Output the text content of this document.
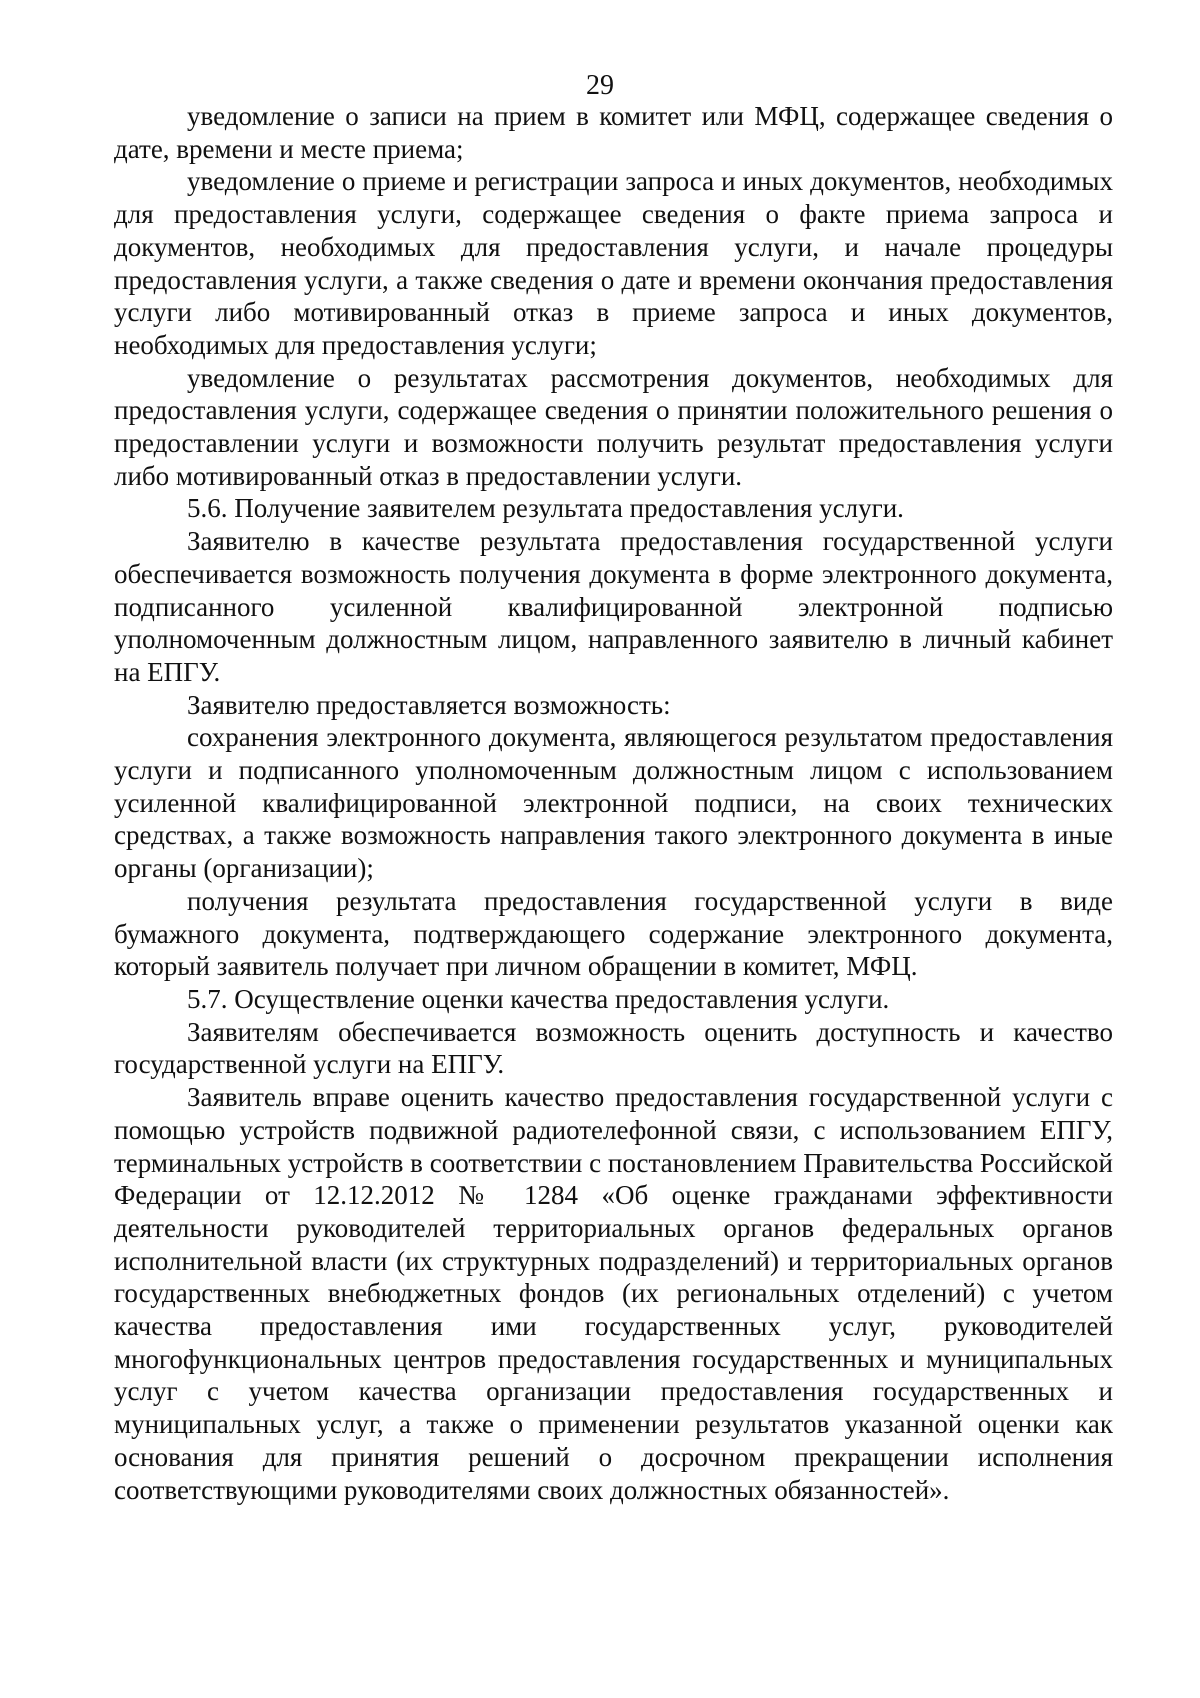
29

уведомление о записи на прием в комитет или МФЦ, содержащее сведения о дате, времени и месте приема;

уведомление о приеме и регистрации запроса и иных документов, необходимых для предоставления услуги, содержащее сведения о факте приема запроса и документов, необходимых для предоставления услуги, и начале процедуры предоставления услуги, а также сведения о дате и времени окончания предоставления услуги либо мотивированный отказ в приеме запроса и иных документов, необходимых для предоставления услуги;

уведомление о результатах рассмотрения документов, необходимых для предоставления услуги, содержащее сведения о принятии положительного решения о предоставлении услуги и возможности получить результат предоставления услуги либо мотивированный отказ в предоставлении услуги.

5.6. Получение заявителем результата предоставления услуги.

Заявителю в качестве результата предоставления государственной услуги обеспечивается возможность получения документа в форме электронного документа, подписанного усиленной квалифицированной электронной подписью уполномоченным должностным лицом, направленного заявителю в личный кабинет на ЕПГУ.

Заявителю предоставляется возможность:

сохранения электронного документа, являющегося результатом предоставления услуги и подписанного уполномоченным должностным лицом с использованием усиленной квалифицированной электронной подписи, на своих технических средствах, а также возможность направления такого электронного документа в иные органы (организации);

получения результата предоставления государственной услуги в виде бумажного документа, подтверждающего содержание электронного документа, который заявитель получает при личном обращении в комитет, МФЦ.

5.7. Осуществление оценки качества предоставления услуги.

Заявителям обеспечивается возможность оценить доступность и качество государственной услуги на ЕПГУ.

Заявитель вправе оценить качество предоставления государственной услуги с помощью устройств подвижной радиотелефонной связи, с использованием ЕПГУ, терминальных устройств в соответствии с постановлением Правительства Российской Федерации от 12.12.2012 № 1284 «Об оценке гражданами эффективности деятельности руководителей территориальных органов федеральных органов исполнительной власти (их структурных подразделений) и территориальных органов государственных внебюджетных фондов (их региональных отделений) с учетом качества предоставления ими государственных услуг, руководителей многофункциональных центров предоставления государственных и муниципальных услуг с учетом качества организации предоставления государственных и муниципальных услуг, а также о применении результатов указанной оценки как основания для принятия решений о досрочном прекращении исполнения соответствующими руководителями своих должностных обязанностей».
